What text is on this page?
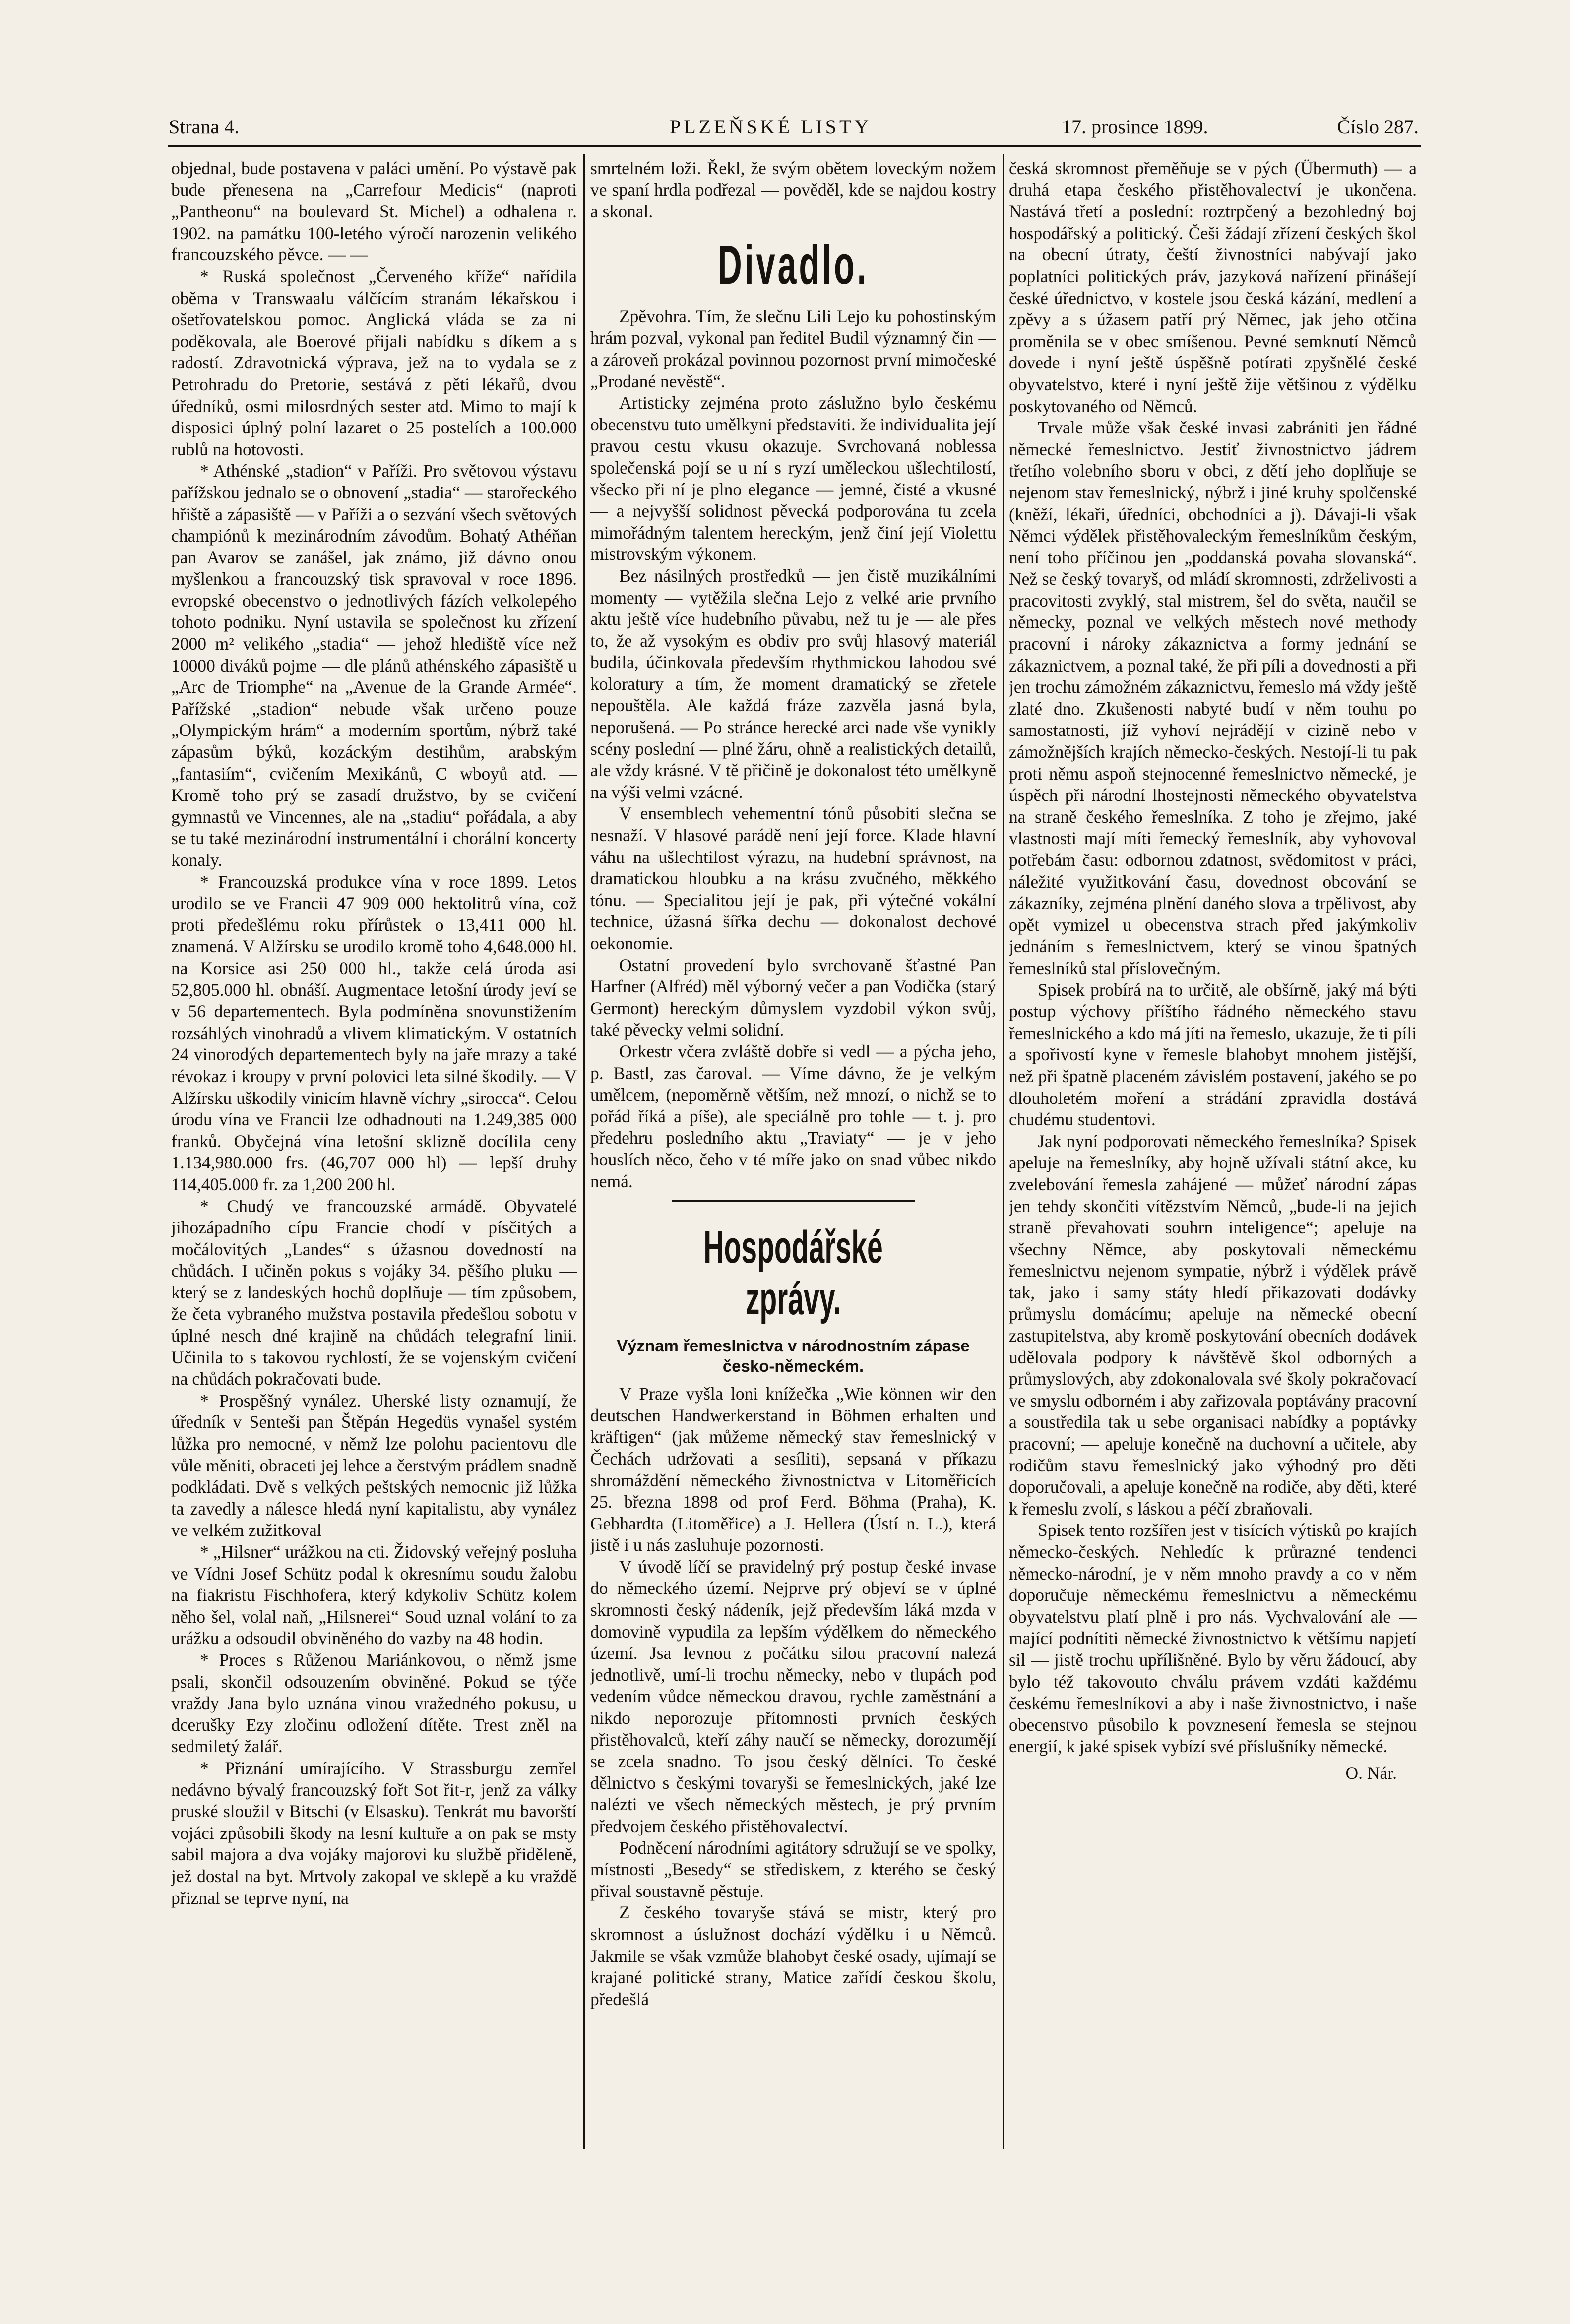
Strana 4.	PLZEŇSKÉ LISTY	17. prosince 1899.	Číslo 287.

objednal, bude postavena v paláci umění. Po výstavě pak bude přenesena na „Carrefour Medicis“ (naproti „Pantheonu“ na boulevard St. Michel) a odhalena r. 1902. na památku 100-letého výročí narozenin velikého francouzského pěvce. — —

* Ruská společnost „Červeného kříže“ nařídila oběma v Transwaalu válčícím stranám lékařskou i ošetřovatelskou pomoc. Anglická vláda se za ni poděkovala, ale Boerové přijali nabídku s díkem a s radostí. Zdravotnická výprava, jež na to vydala se z Petrohradu do Pretorie, sestává z pěti lékařů, dvou úředníků, osmi milosrdných sester atd. Mimo to mají k disposici úplný polní lazaret o 25 postelích a 100.000 rublů na hotovosti.

* Athénské „stadion“ v Paříži. Pro světovou výstavu pařížskou jednalo se o obnovení „stadia“ — starořeckého hřiště a zápasiště — v Paříži a o sezvání všech světových champiónů k mezinárodním závodům. Bohatý Athéňan pan Avarov se zanášel, jak známo, již dávno onou myšlenkou a francouzský tisk spravoval v roce 1896. evropské obecenstvo o jednotlivých fázích velkolepého tohoto podniku. Nyní ustavila se společnost ku zřízení 2000 m² velikého „stadia“ — jehož hlediště více než 10000 diváků pojme — dle plánů athénského zápasiště u „Arc de Triomphe“ na „Avenue de la Grande Armée“. Pařížské „stadion“ nebude však určeno pouze „Olympickým hrám“ a moderním sportům, nýbrž také zápasům býků, kozáckým destihům, arabským „fantasiím“, cvičením Mexikánů, C wboyů atd. — Kromě toho prý se zasadí družstvo, by se cvičení gymnastů ve Vincennes, ale na „stadiu“ pořádala, a aby se tu také mezinárodní instrumentální i chorální koncerty konaly.

* Francouzská produkce vína v roce 1899. Letos urodilo se ve Francii 47 909 000 hektolitrů vína, což proti předešlému roku přírůstek o 13,411 000 hl. znamená. V Alžírsku se urodilo kromě toho 4,648.000 hl. na Korsice asi 250 000 hl., takže celá úroda asi 52,805.000 hl. obnáší. Augmentace letošní úrody jeví se v 56 departementech. Byla podmíněna snovunstižením rozsáhlých vinohradů a vlivem klimatickým. V ostatních 24 vinorodých departementech byly na jaře mrazy a také révokaz i kroupy v první polovici leta silné škodily. — V Alžírsku uškodily vinicím hlavně víchry „sirocca“. Celou úrodu vína ve Francii lze odhadnouti na 1.249,385 000 franků. Obyčejná vína letošní sklizně docílila ceny 1.134,980.000 frs. (46,707 000 hl) — lepší druhy 114,405.000 fr. za 1,200 200 hl.

* Chudý ve francouzské armádě. Obyvatelé jihozápadního cípu Francie chodí v písčitých a močálovitých „Landes“ s úžasnou dovedností na chůdách. I učiněn pokus s vojáky 34. pěšího pluku — který se z landeských hochů doplňuje — tím způsobem, že četa vybraného mužstva postavila předešlou sobotu v úplné nesch dné krajině na chůdách telegrafní linii. Učinila to s takovou rychlostí, že se vojenským cvičení na chůdách pokračovati bude.

* Prospěšný vynález. Uherské listy oznamují, že úředník v Senteši pan Štěpán Hegedüs vynašel systém lůžka pro nemocné, v němž lze polohu pacientovu dle vůle měniti, obraceti jej lehce a čerstvým prádlem snadně podkládati. Dvě s velkých peštských nemocnic již lůžka ta zavedly a nálesce hledá nyní kapitalistu, aby vynález ve velkém zužitkoval

* „Hilsner“ urážkou na cti. Židovský veřejný posluha ve Vídni Josef Schütz podal k okresnímu soudu žalobu na fiakristu Fischhofera, který kdykoliv Schütz kolem něho šel, volal naň, „Hilsnerei“ Soud uznal volání to za urážku a odsoudil obviněného do vazby na 48 hodin.

* Proces s Růženou Mariánkovou, o němž jsme psali, skončil odsouzením obviněné. Pokud se týče vraždy Jana bylo uznána vinou vražedného pokusu, u dcerušky Ezy zločinu odložení dítěte. Trest zněl na sedmiletý žalář.

* Přiznání umírajícího. V Strassburgu zemřel nedávno bývalý francouzský fořt Sot řit-r, jenž za války pruské sloužil v Bitschi (v Elsasku). Tenkrát mu bavorští vojáci způsobili škody na lesní kultuře a on pak se msty sabil majora a dva vojáky majorovi ku službě přiděleně, jež dostal na byt. Mrtvoly zakopal ve sklepě a ku vraždě přiznal se teprve nyní, na

smrtelném loži. Řekl, že svým obětem loveckým nožem ve spaní hrdla podřezal — pověděl, kde se najdou kostry a skonal.

Divadlo.

Zpěvohra. Tím, že slečnu Lili Lejo ku pohostinským hrám pozval, vykonal pan ředitel Budil významný čin — a zároveň prokázal povinnou pozornost první mimočeské „Prodané nevěstě“.

Artisticky zejména proto záslužno bylo českému obecenstvu tuto umělkyni představiti. že individualita její pravou cestu vkusu okazuje. Svrchovaná noblessa společenská pojí se u ní s ryzí uměleckou ušlechtilostí, všecko při ní je plno elegance — jemné, čisté a vkusné — a nejvyšší solidnost pěvecká podporována tu zcela mimořádným talentem hereckým, jenž činí její Violettu mistrovským výkonem.

Bez násilných prostředků — jen čistě muzikálními momenty — vytěžila slečna Lejo z velké arie prvního aktu ještě více hudebního půvabu, než tu je — ale přes to, že až vysokým es obdiv pro svůj hlasový materiál budila, účinkovala především rhythmickou lahodou své koloratury a tím, že moment dramatický se zřetele nepouštěla. Ale každá fráze zazvěla jasná byla, neporušená. — Po stránce herecké arci nade vše vynikly scény poslední — plné žáru, ohně a realistických detailů, ale vždy krásné. V tě přičině je dokonalost této umělkyně na výši velmi vzácné.

V ensemblech vehementní tónů působiti slečna se nesnaží. V hlasové parádě není její force. Klade hlavní váhu na ušlechtilost výrazu, na hudební správnost, na dramatickou hloubku a na krásu zvučného, měkkého tónu. — Specialitou její je pak, při výtečné vokální technice, úžasná šířka dechu — dokonalost dechové oekonomie.

Ostatní provedení bylo svrchovaně šťastné Pan Harfner (Alfréd) měl výborný večer a pan Vodička (starý Germont) hereckým důmyslem vyzdobil výkon svůj, také pěvecky velmi solidní.

Orkestr včera zvláště dobře si vedl — a pýcha jeho, p. Bastl, zas čaroval. — Víme dávno, že je velkým umělcem, (nepoměrně větším, než mnozí, o nichž se to pořád říká a píše), ale speciálně pro tohle — t. j. pro předehru posledního aktu „Traviaty“ — je v jeho houslích něco, čeho v té míře jako on snad vůbec nikdo nemá.

Hospodářské zprávy.
Význam řemeslnictva v národnostním zápase česko-německém.

V Praze vyšla loni knížečka „Wie können wir den deutschen Handwerkerstand in Böhmen erhalten und kräftigen“ (jak můžeme německý stav řemeslnický v Čechách udržovati a sesíliti), sepsaná v příkazu shromáždění německého živnostnictva v Litoměřicích 25. března 1898 od prof Ferd. Böhma (Praha), K. Gebhardta (Litoměřice) a J. Hellera (Ústí n. L.), která jistě i u nás zasluhuje pozornosti.

V úvodě líčí se pravidelný prý postup české invase do německého území. Nejprve prý objeví se v úplné skromnosti český nádeník, jejž především láká mzda v domovině vypudila za lepším výdělkem do německého území. Jsa levnou z počátku silou pracovní nalezá jednotlivě, umí-li trochu německy, nebo v tlupách pod vedením vůdce německou dravou, rychle zaměstnání a nikdo neporozuje přítomnosti prvních českých přistěhovalců, kteří záhy naučí se německy, dorozumějí se zcela snadno. To jsou český dělníci. To české dělnictvo s českými tovaryši se řemeslnických, jaké lze nalézti ve všech německých městech, je prý prvním předvojem českého přistěhovalectví.

Podněcení národními agitátory sdružují se ve spolky, místnosti „Besedy“ se střediskem, z kterého se český přival soustavně pěstuje.

Z českého tovaryše stává se mistr, který pro skromnost a úslužnost dochází výdělku i u Němců. Jakmile se však vzmůže blahobyt české osady, ujímají se krajané politické strany, Matice zařídí českou školu, předešlá

česká skromnost přeměňuje se v pých (Übermuth) — a druhá etapa českého přistěhovalectví je ukončena. Nastává třetí a poslední: roztrpčený a bezohledný boj hospodářský a politický. Češi žádají zřízení českých škol na obecní útraty, čeští živnostníci nabývají jako poplatníci politických práv, jazyková nařízení přinášejí české úřednictvo, v kostele jsou česká kázání, medlení a zpěvy a s úžasem patří prý Němec, jak jeho otčina proměnila se v obec smíšenou. Pevné semknutí Němců dovede i nyní ještě úspěšně potírati zpyšnělé české obyvatelstvo, které i nyní ještě žije většinou z výdělku poskytovaného od Němců.

Trvale může však české invasi zabrániti jen řádné německé řemeslnictvo. Jestiť živnostnictvo jádrem třetího volebního sboru v obci, z dětí jeho doplňuje se nejenom stav řemeslnický, nýbrž i jiné kruhy spolčenské (kněží, lékaři, úředníci, obchodníci a j). Dávaji-li však Němci výdělek přistěhovaleckým řemeslníkům českým, není toho příčinou jen „poddanská povaha slovanská“. Než se český tovaryš, od mládí skromnosti, zdrželivosti a pracovitosti zvyklý, stal mistrem, šel do světa, naučil se německy, poznal ve velkých městech nové methody pracovní i nároky zákaznictva a formy jednání se zákaznictvem, a poznal také, že při píli a dovednosti a při jen trochu zámožném zákaznictvu, řemeslo má vždy ještě zlaté dno. Zkušenosti nabyté budí v něm touhu po samostatnosti, jíž vyhoví nejrádějí v cizině nebo v zámožnějších krajích německo-českých. Nestojí-li tu pak proti němu aspoň stejnocenné řemeslnictvo německé, je úspěch při národní lhostejnosti německého obyvatelstva na straně českého řemeslníka. Z toho je zřejmo, jaké vlastnosti mají míti řemecký řemeslník, aby vyhovoval potřebám času: odbornou zdatnost, svědomitost v práci, náležité využitkování času, dovednost obcování se zákazníky, zejména plnění daného slova a trpělivost, aby opět vymizel u obecenstva strach před jakýmkoliv jednáním s řemeslnictvem, který se vinou špatných řemeslníků stal příslovečným.

Spisek probírá na to určitě, ale obšírně, jaký má býti postup výchovy příštího řádného německého stavu řemeslnického a kdo má jíti na řemeslo, ukazuje, že ti píli a spořivostí kyne v řemesle blahobyt mnohem jistější, než při špatně placeném závislém postavení, jakého se po dlouholetém moření a strádání zpravidla dostává chudému studentovi.

Jak nyní podporovati německého řemeslníka? Spisek apeluje na řemeslníky, aby hojně užívali státní akce, ku zvelebování řemesla zahájené — můžeť národní zápas jen tehdy skončiti vítězstvím Němců, „bude-li na jejich straně převahovati souhrn inteligence“; apeluje na všechny Němce, aby poskytovali německému řemeslnictvu nejenom sympatie, nýbrž i výdělek právě tak, jako i samy státy hledí přikazovati dodávky průmyslu domácímu; apeluje na německé obecní zastupitelstva, aby kromě poskytování obecních dodávek udělovala podpory k návštěvě škol odborných a průmyslových, aby zdokonalovala své školy pokračovací ve smyslu odborném i aby zařizovala poptávány pracovní a soustředila tak u sebe organisaci nabídky a poptávky pracovní; — apeluje konečně na duchovní a učitele, aby rodičům stavu řemeslnický jako výhodný pro děti doporučovali, a apeluje konečně na rodiče, aby děti, které k řemeslu zvolí, s láskou a péčí zbraňovali.

Spisek tento rozšířen jest v tisících výtisků po krajích německo-českých. Nehledíc k průrazné tendenci německo-národní, je v něm mnoho pravdy a co v něm doporučuje německému řemeslnictvu a německému obyvatelstvu platí plně i pro nás. Vychvalování ale — mající podnítiti německé živnostnictvo k většímu napjetí sil — jistě trochu upřílišněné. Bylo by věru žádoucí, aby bylo též takovouto chválu právem vzdáti každému českému řemeslníkovi a aby i naše živnostnictvo, i naše obecenstvo působilo k povznesení řemesla se stejnou energií, k jaké spisek vybízí své příslušníky německé.

O. Nár.
